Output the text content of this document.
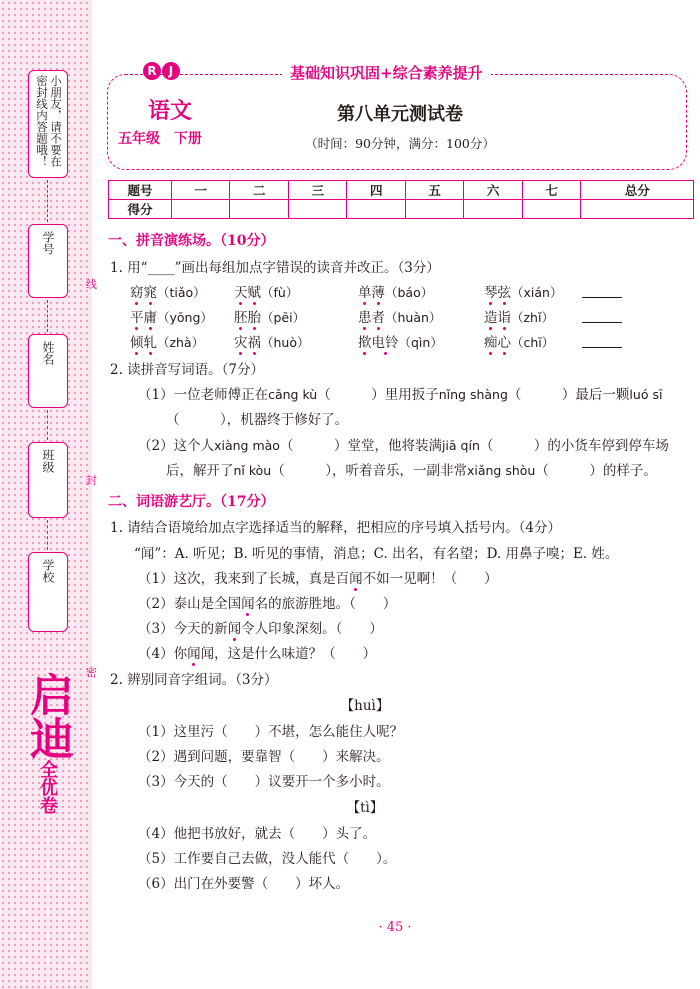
小朋友，请不要在密封线内答题哦！
学号
姓名
班级
学校
线
封
密
启迪全优卷
R J	基础知识巩固+综合素养提升
语文
五年级　下册
第八单元测试卷
（时间：90分钟，满分：100分）
题号	一	二	三	四	五	六	七	总分
得分								
一、拼音演练场。（10分）
1. 用“____”画出每组加点字错误的读音并改正。（3分）
窈窕（tiǎo） 天赋（fù）	单薄（báo）	琴弦（xián）
平庸（yōng） 胚胎（pēi）	患者（huàn）	造诣（zhǐ）
倾轧（zhà） 灾祸（huò）	揿电铃（qìn）	痴心（chī）
2. 读拼音写词语。（7分）
（1）一位老师傅正在cāng kù（　　　）里用扳子nǐng shàng（　　　）最后一颗luó sī
（　　　），机器终于修好了。
（2）这个人xiàng mào（　　　）堂堂，他将装满jiā qín（　　　）的小货车停到停车场
后，解开了nǐ kòu（　　　），听着音乐，一副非常xiǎng shòu（　　　）的样子。
二、词语游艺厅。（17分）
1. 请结合语境给加点字选择适当的解释，把相应的序号填入括号内。（4分）
“闻”：A. 听见；B. 听见的事情，消息；C. 出名，有名望；D. 用鼻子嗅；E. 姓。
（1）这次，我来到了长城，真是百闻不如一见啊！（　　）
（2）泰山是全国闻名的旅游胜地。（　　）
（3）今天的新闻令人印象深刻。（　　）
（4）你闻闻，这是什么味道？（　　）
2. 辨别同音字组词。（3分）
【huì】
（1）这里污（　　）不堪，怎么能住人呢？
（2）遇到问题，要靠智（　　）来解决。
（3）今天的（　　）议要开一个多小时。
【tì】
（4）他把书放好，就去（　　）头了。
（5）工作要自己去做，没人能代（　　）。
（6）出门在外要警（　　）坏人。
· 45 ·
